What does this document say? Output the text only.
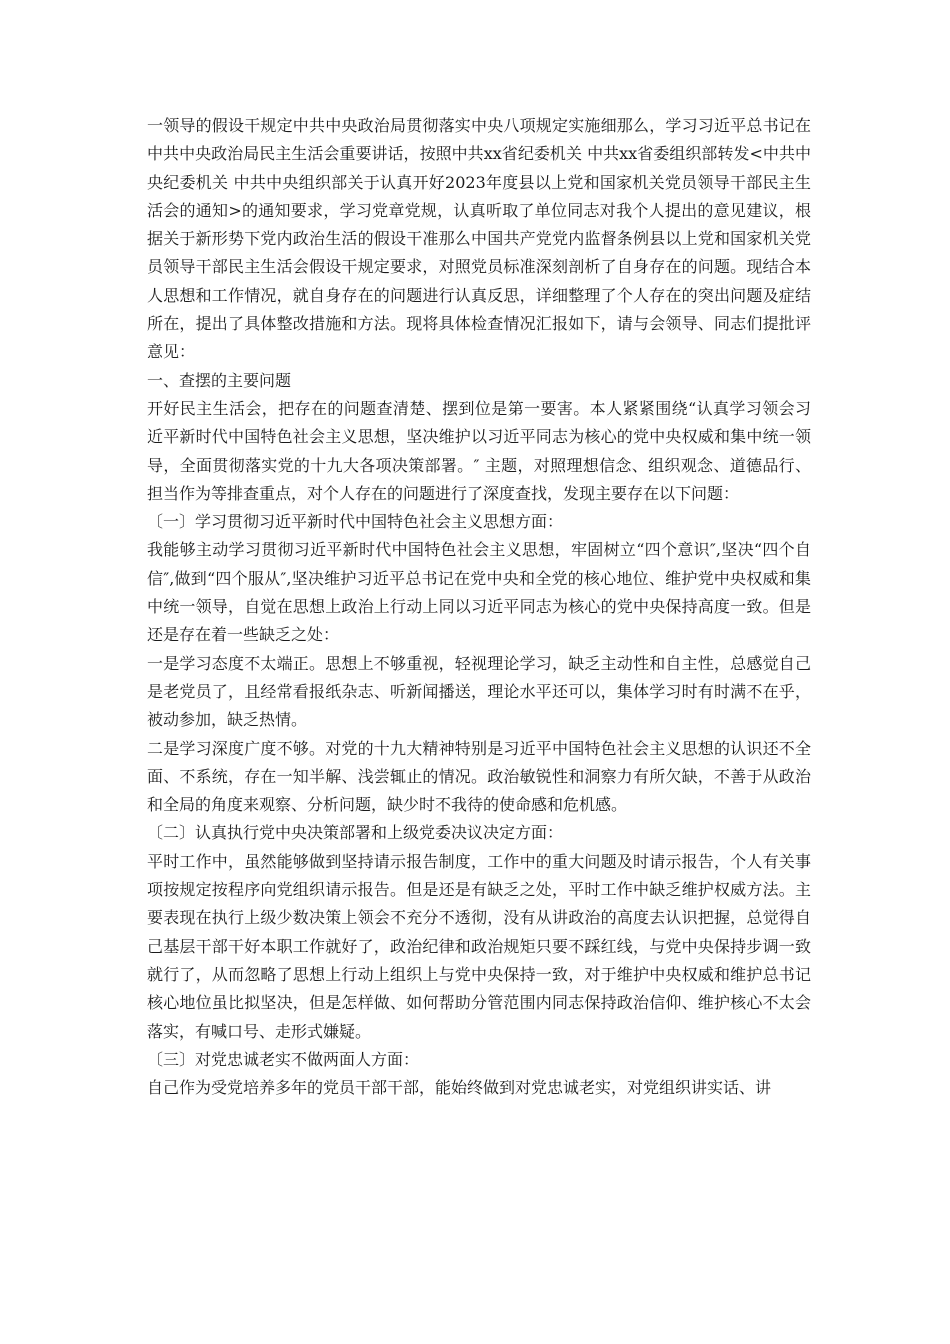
一领导的假设干规定中共中央政治局贯彻落实中央八项规定实施细那么，学习习近平总书记在中共中央政治局民主生活会重要讲话，按照中共xx省纪委机关 中共xx省委组织部转发<中共中央纪委机关 中共中央组织部关于认真开好2023年度县以上党和国家机关党员领导干部民主生活会的通知>的通知要求，学习党章党规，认真听取了单位同志对我个人提出的意见建议，根据关于新形势下党内政治生活的假设干准那么中国共产党党内监督条例县以上党和国家机关党员领导干部民主生活会假设干规定要求，对照党员标准深刻剖析了自身存在的问题。现结合本人思想和工作情况，就自身存在的问题进行认真反思，详细整理了个人存在的突出问题及症结所在，提出了具体整改措施和方法。现将具体检查情况汇报如下，请与会领导、同志们提批评意见：

一、查摆的主要问题

开好民主生活会，把存在的问题查清楚、摆到位是第一要害。本人紧紧围绕“认真学习领会习近平新时代中国特色社会主义思想，坚决维护以习近平同志为核心的党中央权威和集中统一领导，全面贯彻落实党的十九大各项决策部署。″ 主题，对照理想信念、组织观念、道德品行、担当作为等排查重点，对个人存在的问题进行了深度查找，发现主要存在以下问题：

〔一〕学习贯彻习近平新时代中国特色社会主义思想方面：

我能够主动学习贯彻习近平新时代中国特色社会主义思想，牢固树立“四个意识″,坚决“四个自信″,做到“四个服从″,坚决维护习近平总书记在党中央和全党的核心地位、维护党中央权威和集中统一领导，自觉在思想上政治上行动上同以习近平同志为核心的党中央保持高度一致。但是还是存在着一些缺乏之处：

一是学习态度不太端正。思想上不够重视，轻视理论学习，缺乏主动性和自主性，总感觉自己是老党员了，且经常看报纸杂志、听新闻播送，理论水平还可以，集体学习时有时满不在乎，被动参加，缺乏热情。

二是学习深度广度不够。对党的十九大精神特别是习近平中国特色社会主义思想的认识还不全面、不系统，存在一知半解、浅尝辄止的情况。政治敏锐性和洞察力有所欠缺，不善于从政治和全局的角度来观察、分析问题，缺少时不我待的使命感和危机感。

〔二〕认真执行党中央决策部署和上级党委决议决定方面：

平时工作中，虽然能够做到坚持请示报告制度，工作中的重大问题及时请示报告，个人有关事项按规定按程序向党组织请示报告。但是还是有缺乏之处，平时工作中缺乏维护权威方法。主要表现在执行上级少数决策上领会不充分不透彻，没有从讲政治的高度去认识把握，总觉得自己基层干部干好本职工作就好了，政治纪律和政治规矩只要不踩红线，与党中央保持步调一致就行了，从而忽略了思想上行动上组织上与党中央保持一致，对于维护中央权威和维护总书记核心地位虽比拟坚决，但是怎样做、如何帮助分管范围内同志保持政治信仰、维护核心不太会落实，有喊口号、走形式嫌疑。

〔三〕对党忠诚老实不做两面人方面：

自己作为受党培养多年的党员干部干部，能始终做到对党忠诚老实，对党组织讲实话、讲
